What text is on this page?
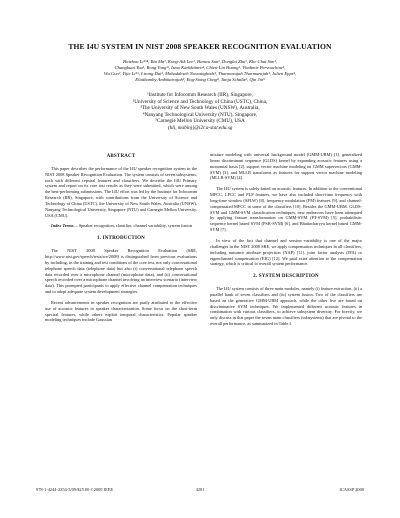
THE I4U SYSTEM IN NIST 2008 SPEAKER RECOGNITION EVALUATION
Haizhou Li¹ʲʳ⁴, Bin Ma¹, Kong-Aik Lee¹, Hanwu Sun¹, Donglai Zhu¹, Khe Chai Sim¹,
Changhuai You¹, Rong Tong¹ʳ, Ismo Kärkkäinen¹, Chien-Lin Huang¹, Vladimir Pervouchine¹,
Wu Guo², Yijie Li²ʷ, Lirong Dai², Mohaddeseh Nosratighods³, Tharmarajah Tharmarajah³, Julien Epps³,
Eliathamby Ambikairajah³, Eng-Siong Chng⁴, Tanja Schultz⁵, Qin Jin⁵
¹Institute for Infocomm Research (IIR), Singapore,
²University of Science and Technology of China (USTC), China,
³The University of New South Wales (UNSW), Australia,
⁴Nanyang Technological University (NTU), Singapore,
⁵Carnegie Mellon University (CMU), USA
{hli, mabinj}@i2r.a-star.edu.sg
ABSTRACT

This paper describes the performance of the I4U speaker recognition system in the NIST 2008 Speaker Recognition Evaluation. The system consists of seven subsystems, each with different cepstral features and classifiers. We describe the I4U Primary system and report on its core test results as they were submitted, which were among the best-performing submissions. The I4U effort was led by the Institute for Infocomm Research (IIR), Singapore, with contributions from the University of Science and Technology of China (USTC), the University of New South Wales, Australia (UNSW), Nanyang Technological University, Singapore (NTU) and Carnegie Mellon University, USA (CMU).

Index Terms— Speaker recognition, classifier, channel variability, system fusion

1. INTRODUCTION

The NIST 2008 Speaker Recognition Evaluation (SRE, http://www.nist.gov/speech/tests/sre/2008) is distinguished from previous evaluations by including, in the training and test conditions of the core test, not only conversational telephone speech data (telephone data) but also (i) conversational telephone speech data recorded over a microphone channel (microphone data), and (ii) conversational speech recorded over a microphone channel involving an interview scenario (interview data). This prompted participants to apply effective channel compensation techniques and to adopt adequate system development strategies.

Recent advancements in speaker recognition are partly attributed to the effective use of acoustic features in speaker characterization. Some focus on the short-term spectral features, while others exploit temporal characteristics. Popular speaker modeling techniques include Gaussian

mixture modeling with universal background model (GMM-UBM) [1], generalized linear discriminant sequence (GLDS) kernel by expanding acoustic features using a monomial basis [2], support vector machine modeling on GMM supervectors (GMM-SVM) [3], and MLLR transforms as features for support vector machine modeling (MLLR-SVM) [4].

The I4U system is solely based on acoustic features. In addition to the conventional MFCC, LPCC and PLP features, we have also included short-time frequency with long-time window (SFLW) [8], frequency modulation (FM) features [9], and channel-compensated MFCC in some of the classifiers [10]. Besides the GMM-UBM, GLDS-SVM and GMM-SVM classification techniques, new endeavors have been attempted by applying feature transformation on GMM-SVM (FT-SVM) [5], probabilistic sequence kernel based SVM (PSK-SVM) [6], and Bhattacharyya kernel based GMM-SVM [7].

In view of the fact that channel and session variability is one of the major challenges in the NIST 2008 SRE, we apply compensation techniques in all classifiers, including nuisance attribute projection (NAP) [11], joint factor analysis (JFA) or eigenchannel compensation (EIG) [12]. We paid extra attention to the compensation strategy, which is critical to overall system performance.

2. SYSTEM DESCRIPTION

The I4U system consists of three main modules, namely (i) feature extraction, (ii) a parallel bank of seven classifiers and (iii) system fusion. Two of the classifiers are based on the generative GMM-UBM approach, while the other five are based on discriminative SVM techniques. We implemented different acoustic features in combination with various classifiers, to achieve subsystem diversity. For brevity, we only discuss in this paper the seven main classifiers (subsystems) that are pivotal to the overall performance, as summarized in Table I.

978-1-4244-2354-5/09/$25.00 ©2009 IEEE	4201	ICASSP 2009
